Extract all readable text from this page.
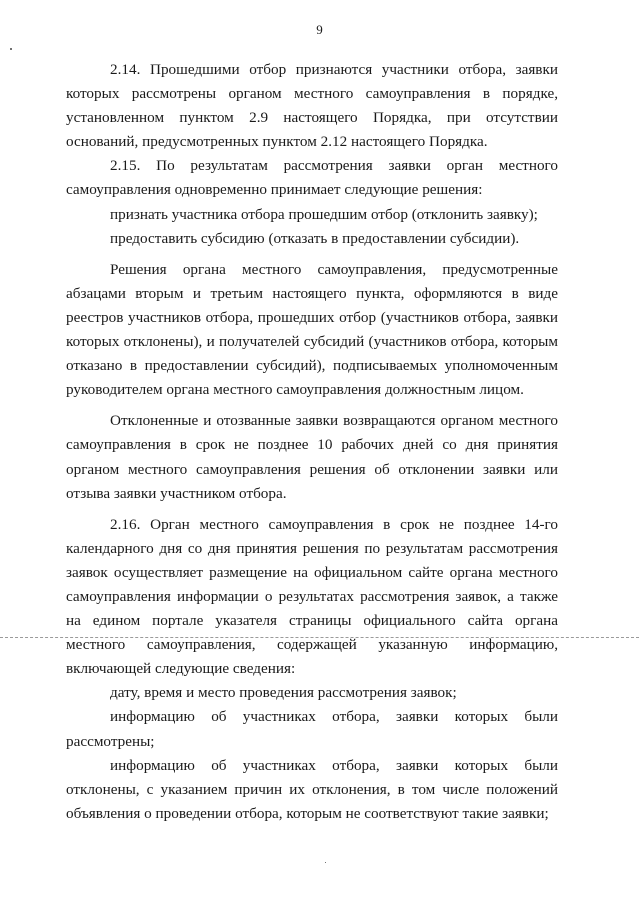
9

2.14. Прошедшими отбор признаются участники отбора, заявки которых рассмотрены органом местного самоуправления в порядке, установленном пунктом 2.9 настоящего Порядка, при отсутствии оснований, предусмотренных пунктом 2.12 настоящего Порядка.

2.15. По результатам рассмотрения заявки орган местного самоуправления одновременно принимает следующие решения:

признать участника отбора прошедшим отбор (отклонить заявку);

предоставить субсидию (отказать в предоставлении субсидии).

Решения органа местного самоуправления, предусмотренные абзацами вторым и третьим настоящего пункта, оформляются в виде реестров участников отбора, прошедших отбор (участников отбора, заявки которых отклонены), и получателей субсидий (участников отбора, которым отказано в предоставлении субсидий), подписываемых уполномоченным руководителем органа местного самоуправления должностным лицом.

Отклоненные и отозванные заявки возвращаются органом местного самоуправления в срок не позднее 10 рабочих дней со дня принятия органом местного самоуправления решения об отклонении заявки или отзыва заявки участником отбора.

2.16. Орган местного самоуправления в срок не позднее 14-го календарного дня со дня принятия решения по результатам рассмотрения заявок осуществляет размещение на официальном сайте органа местного самоуправления информации о результатах рассмотрения заявок, а также на едином портале указателя страницы официального сайта органа местного самоуправления, содержащей указанную информацию, включающей следующие сведения:

дату, время и место проведения рассмотрения заявок;

информацию об участниках отбора, заявки которых были рассмотрены;

информацию об участниках отбора, заявки которых были отклонены, с указанием причин их отклонения, в том числе положений объявления о проведении отбора, которым не соответствуют такие заявки;
